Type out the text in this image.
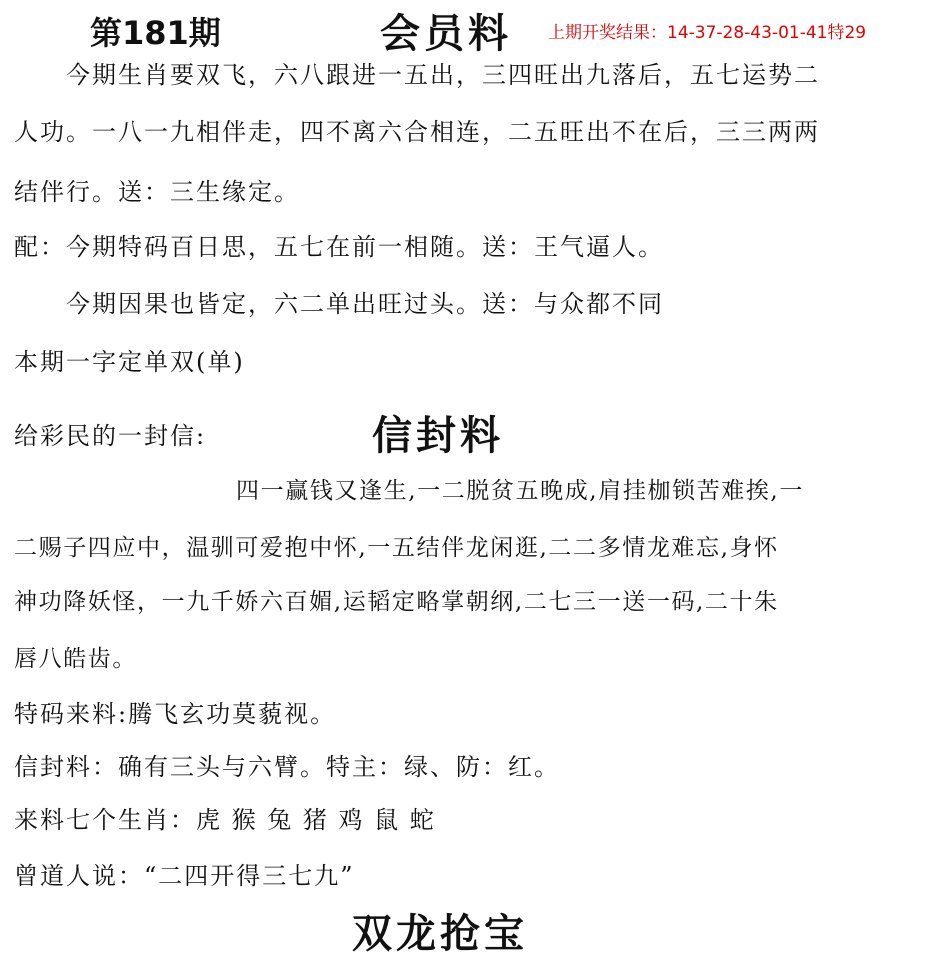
第181期	会员料 上期开奖结果：14-37-28-43-01-41特29
今期生肖要双飞，六八跟进一五出，三四旺出九落后，五七运势二
人功。一八一九相伴走，四不离六合相连，二五旺出不在后，三三两两
结伴行。送：三生缘定。
配：今期特码百日思，五七在前一相随。送：王气逼人。
今期因果也皆定，六二单出旺过头。送：与众都不同
本期一字定单双(单)
给彩民的一封信:	信封料
四一赢钱又逢生,一二脱贫五晚成,肩挂枷锁苦难挨,一
二赐子四应中，温驯可爱抱中怀,一五结伴龙闲逛,二二多情龙难忘,身怀
神功降妖怪，一九千娇六百媚,运韬定略掌朝纲,二七三一送一码,二十朱
唇八皓齿。
特码来料:腾飞玄功莫藐视。
信封料：确有三头与六臂。特主：绿、防：红。
来料七个生肖：虎 猴 兔 猪 鸡 鼠 蛇
曾道人说：“二四开得三七九”
双龙抢宝
